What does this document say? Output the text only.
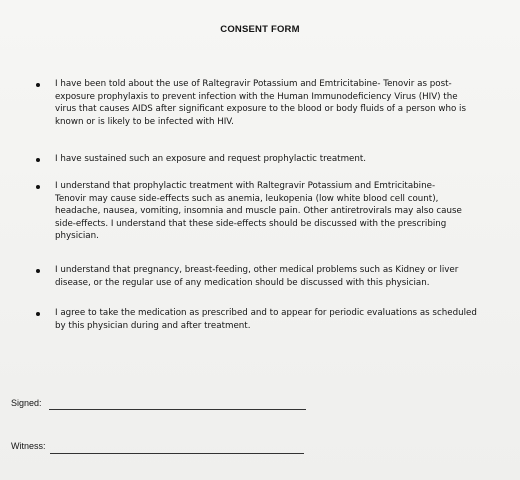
CONSENT FORM
I have been told about the use of Raltegravir Potassium and Emtricitabine- Tenovir as post-
exposure prophylaxis to prevent infection with the Human Immunodeficiency Virus (HIV) the
virus that causes AIDS after significant exposure to the blood or body fluids of a person who is
known or is likely to be infected with HIV.
I have sustained such an exposure and request prophylactic treatment.
I understand that prophylactic treatment with Raltegravir Potassium and Emtricitabine-
Tenovir may cause side-effects such as anemia, leukopenia (low white blood cell count),
headache, nausea, vomiting, insomnia and muscle pain. Other antiretrovirals may also cause
side-effects. I understand that these side-effects should be discussed with the prescribing
physician.
I understand that pregnancy, breast-feeding, other medical problems such as Kidney or liver
disease, or the regular use of any medication should be discussed with this physician.
I agree to take the medication as prescribed and to appear for periodic evaluations as scheduled
by this physician during and after treatment.
Signed:
Witness:
